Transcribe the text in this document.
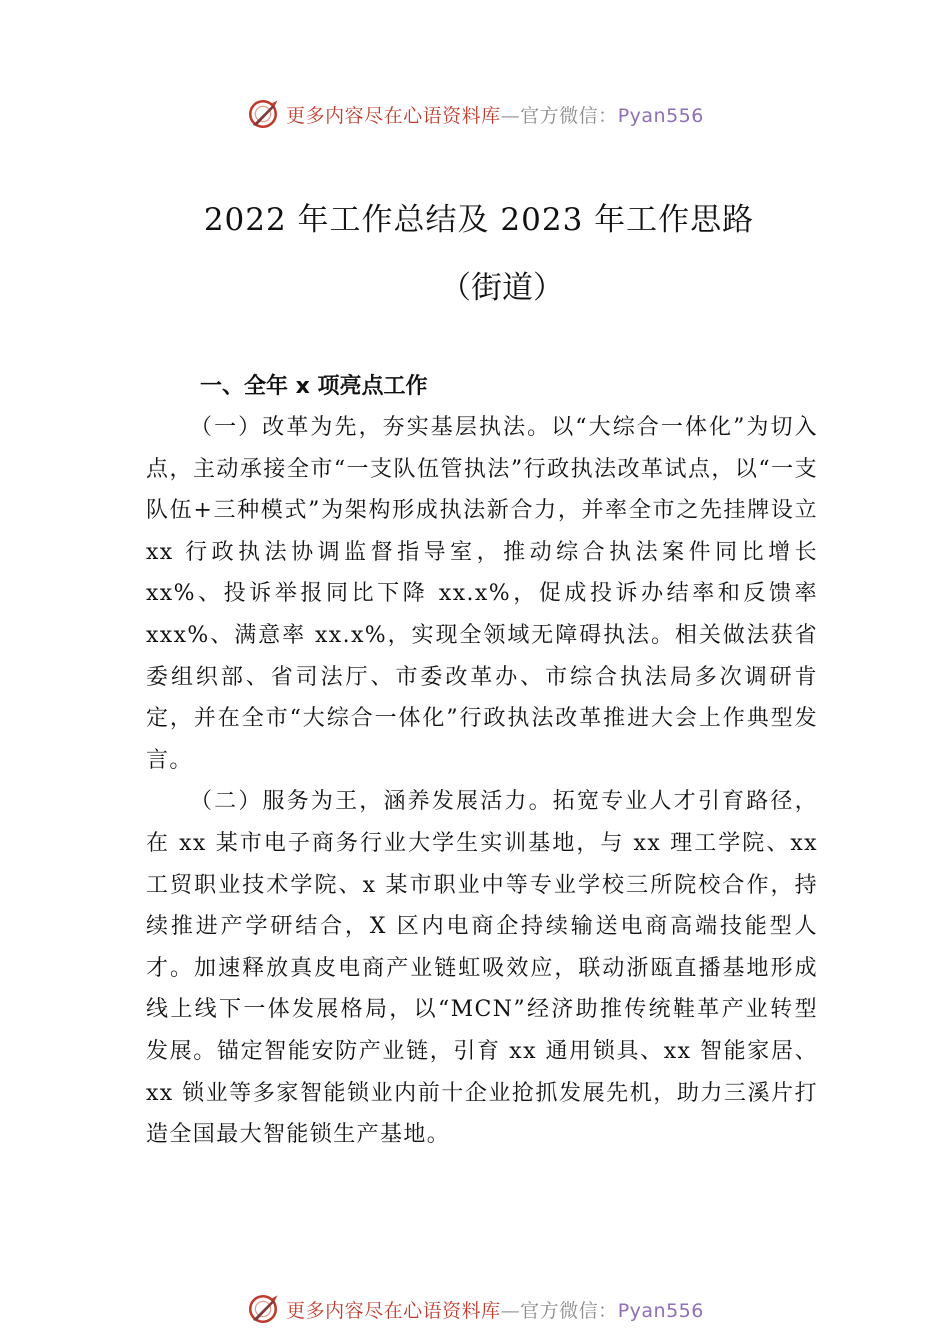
更多内容尽在心语资料库—官方微信：Pyan556
2022 年工作总结及 2023 年工作思路
（街道）

一、全年 x 项亮点工作

（一）改革为先，夯实基层执法。以“大综合一体化”为切入点，主动承接全市“一支队伍管执法”行政执法改革试点，以“一支队伍+三种模式”为架构形成执法新合力，并率全市之先挂牌设立 xx 行政执法协调监督指导室，推动综合执法案件同比增长 xx%、投诉举报同比下降 xx.x%，促成投诉办结率和反馈率 xxx%、满意率 xx.x%，实现全领域无障碍执法。相关做法获省委组织部、省司法厅、市委改革办、市综合执法局多次调研肯定，并在全市“大综合一体化”行政执法改革推进大会上作典型发言。

（二）服务为王，涵养发展活力。拓宽专业人才引育路径，在 xx 某市电子商务行业大学生实训基地，与 xx 理工学院、xx 工贸职业技术学院、x 某市职业中等专业学校三所院校合作，持续推进产学研结合，X 区内电商企持续输送电商高端技能型人才。加速释放真皮电商产业链虹吸效应，联动浙瓯直播基地形成线上线下一体发展格局，以“MCN”经济助推传统鞋革产业转型发展。锚定智能安防产业链，引育 xx 通用锁具、xx 智能家居、xx 锁业等多家智能锁业内前十企业抢抓发展先机，助力三溪片打造全国最大智能锁生产基地。

更多内容尽在心语资料库—官方微信：Pyan556
